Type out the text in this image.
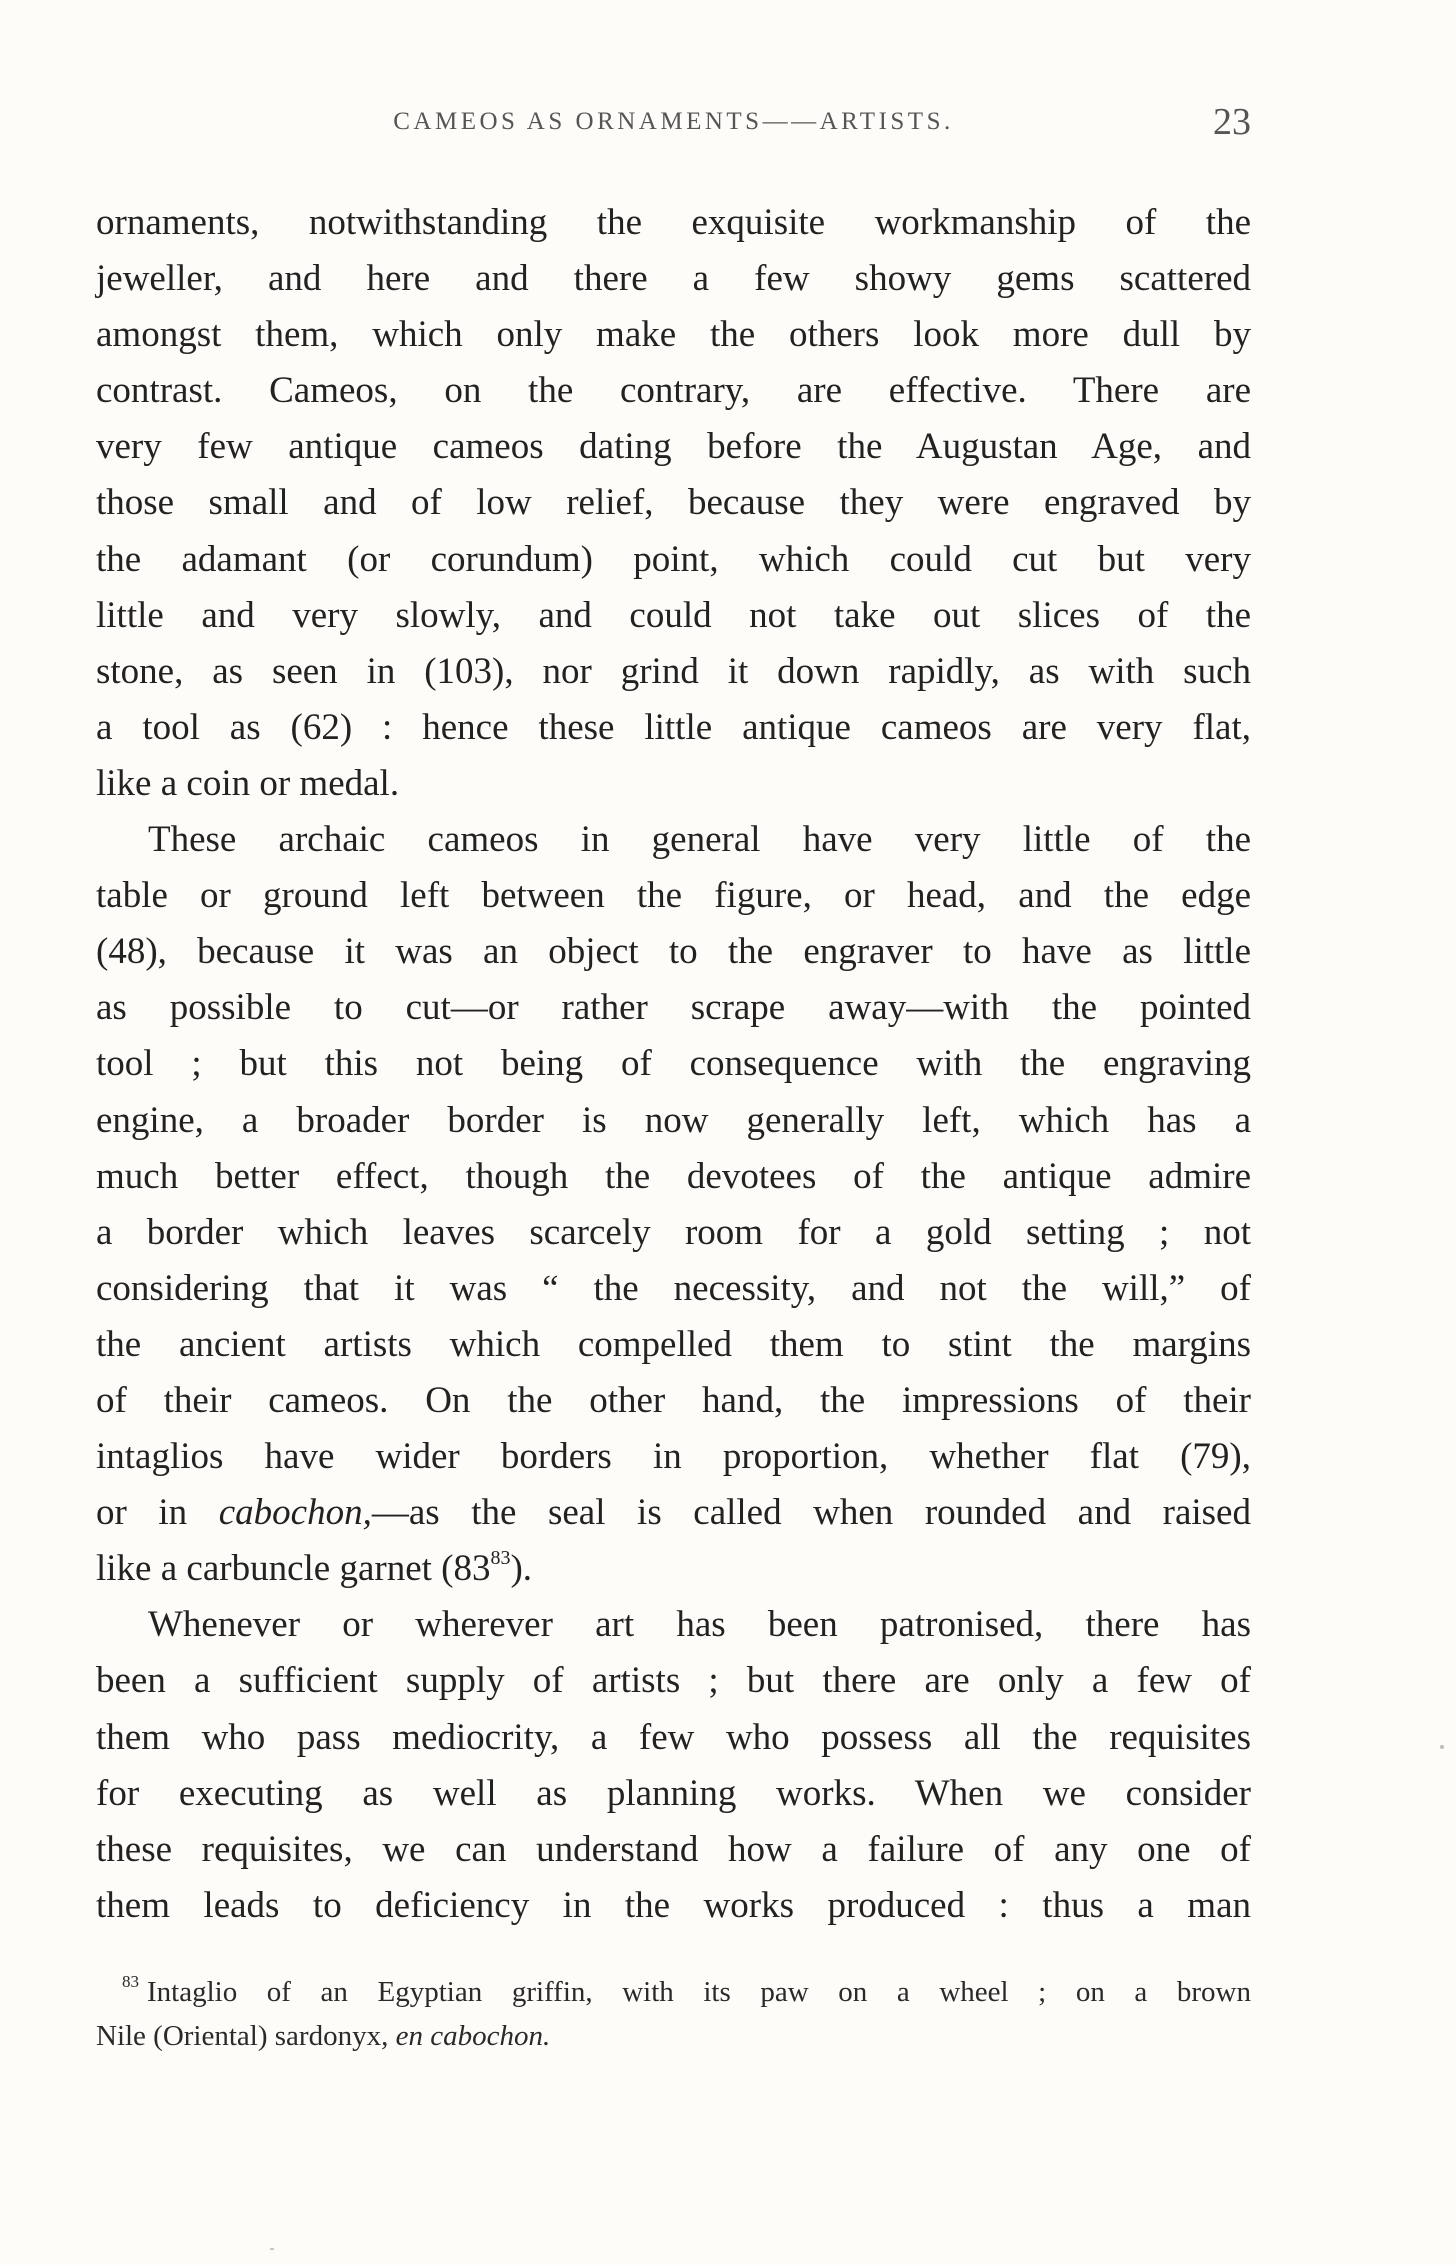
CAMEOS AS ORNAMENTS——ARTISTS.	23

ornaments, notwithstanding the exquisite workmanship of the
jeweller, and here and there a few showy gems scattered
amongst them, which only make the others look more dull by
contrast. Cameos, on the contrary, are effective. There are
very few antique cameos dating before the Augustan Age, and
those small and of low relief, because they were engraved by
the adamant (or corundum) point, which could cut but very
little and very slowly, and could not take out slices of the
stone, as seen in (103), nor grind it down rapidly, as with such
a tool as (62) : hence these little antique cameos are very flat,
like a coin or medal.

These archaic cameos in general have very little of the
table or ground left between the figure, or head, and the edge
(48), because it was an object to the engraver to have as little
as possible to cut—or rather scrape away—with the pointed
tool ; but this not being of consequence with the engraving
engine, a broader border is now generally left, which has a
much better effect, though the devotees of the antique admire
a border which leaves scarcely room for a gold setting ; not
considering that it was “ the necessity, and not the will,” of
the ancient artists which compelled them to stint the margins
of their cameos. On the other hand, the impressions of their
intaglios have wider borders in proportion, whether flat (79),
or in cabochon,—as the seal is called when rounded and raised
like a carbuncle garnet $(83^{83})$.

Whenever or wherever art has been patronised, there has
been a sufficient supply of artists ; but there are only a few of
them who pass mediocrity, a few who possess all the requisites
for executing as well as planning works. When we consider
these requisites, we can understand how a failure of any one of
them leads to deficiency in the works produced : thus a man

$^{83}$ Intaglio of an Egyptian griffin, with its paw on a wheel ; on a brown
Nile (Oriental) sardonyx, en cabochon.
